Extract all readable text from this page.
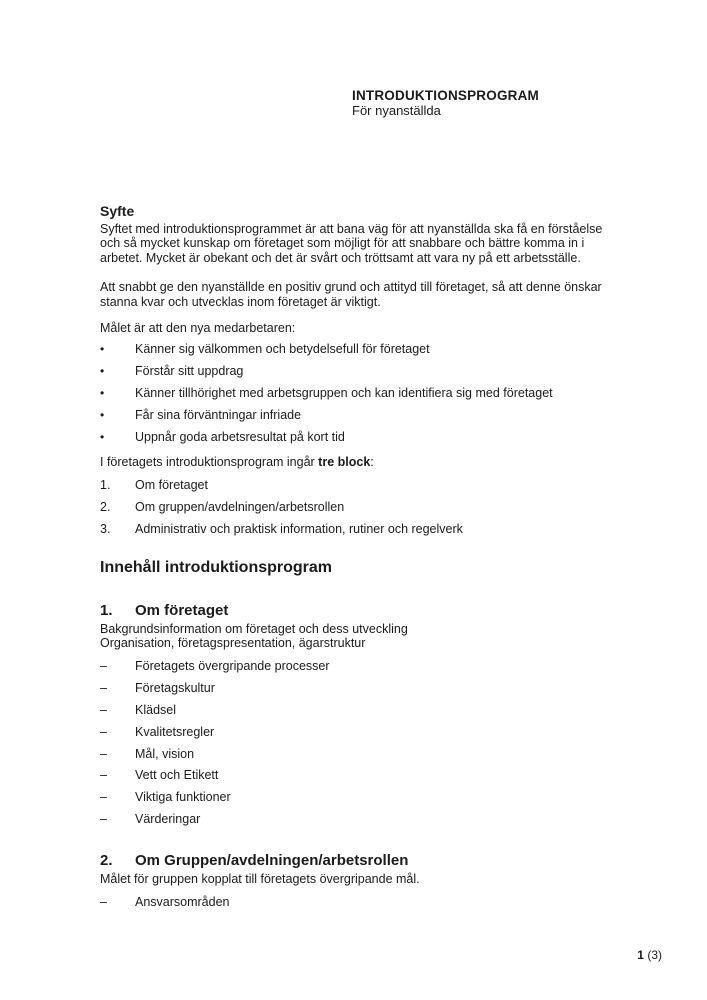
INTRODUKTIONSPROGRAM
För nyanställda
Syfte
Syftet med introduktionsprogrammet är att bana väg för att nyanställda ska få en förståelse och så mycket kunskap om företaget som möjligt för att snabbare och bättre komma in i arbetet. Mycket är obekant och det är svårt och tröttsamt att vara ny på ett arbetsställe.
Att snabbt ge den nyanställde en positiv grund och attityd till företaget, så att denne önskar stanna kvar och utvecklas inom företaget är viktigt.
Målet är att den nya medarbetaren:
•	Känner sig välkommen och betydelsefull för företaget
•	Förstår sitt uppdrag
•	Känner tillhörighet med arbetsgruppen och kan identifiera sig med företaget
•	Får sina förväntningar infriade
•	Uppnår goda arbetsresultat på kort tid
I företagets introduktionsprogram ingår tre block:
1.	Om företaget
2.	Om gruppen/avdelningen/arbetsrollen
3.	Administrativ och praktisk information, rutiner och regelverk
Innehåll introduktionsprogram
1.	Om företaget
Bakgrundsinformation om företaget och dess utveckling
Organisation, företagspresentation, ägarstruktur
–	Företagets övergripande processer
–	Företagskultur
–	Klädsel
–	Kvalitetsregler
–	Mål, vision
–	Vett och Etikett
–	Viktiga funktioner
–	Värderingar
2.	Om Gruppen/avdelningen/arbetsrollen
Målet för gruppen kopplat till företagets övergripande mål.
–	Ansvarsområden
1 (3)
